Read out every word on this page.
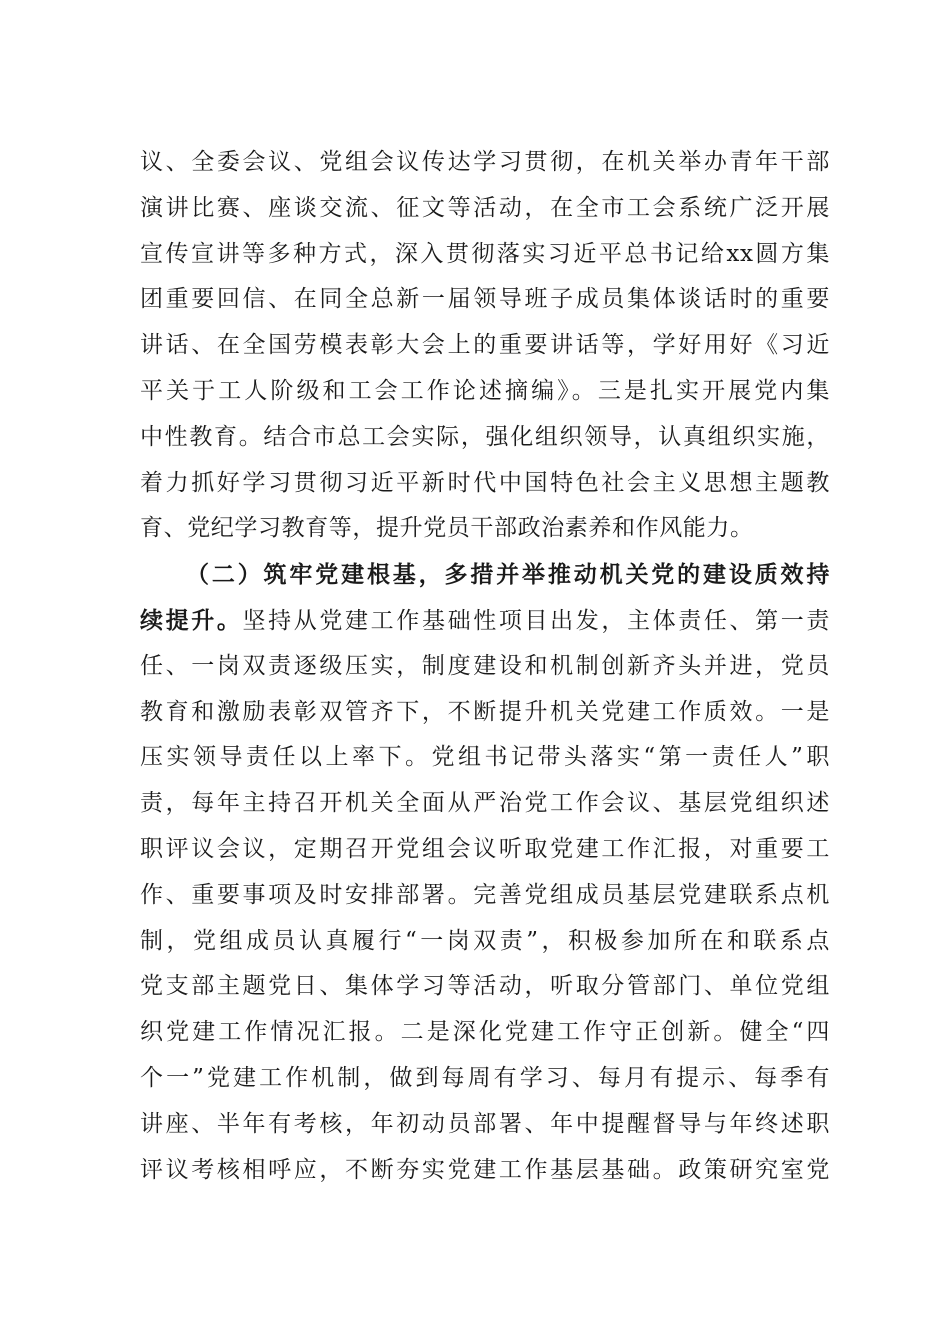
议、全委会议、党组会议传达学习贯彻，在机关举办青年干部
演讲比赛、座谈交流、征文等活动，在全市工会系统广泛开展
宣传宣讲等多种方式，深入贯彻落实习近平总书记给xx圆方集
团重要回信、在同全总新一届领导班子成员集体谈话时的重要
讲话、在全国劳模表彰大会上的重要讲话等，学好用好《习近
平关于工人阶级和工会工作论述摘编》。三是扎实开展党内集
中性教育。结合市总工会实际，强化组织领导，认真组织实施，
着力抓好学习贯彻习近平新时代中国特色社会主义思想主题教
育、党纪学习教育等，提升党员干部政治素养和作风能力。
（二）筑牢党建根基，多措并举推动机关党的建设质效持
续提升。坚持从党建工作基础性项目出发，主体责任、第一责
任、一岗双责逐级压实，制度建设和机制创新齐头并进，党员
教育和激励表彰双管齐下，不断提升机关党建工作质效。一是
压实领导责任以上率下。党组书记带头落实“第一责任人”职
责，每年主持召开机关全面从严治党工作会议、基层党组织述
职评议会议，定期召开党组会议听取党建工作汇报，对重要工
作、重要事项及时安排部署。完善党组成员基层党建联系点机
制，党组成员认真履行“一岗双责”，积极参加所在和联系点
党支部主题党日、集体学习等活动，听取分管部门、单位党组
织党建工作情况汇报。二是深化党建工作守正创新。健全“四
个一”党建工作机制，做到每周有学习、每月有提示、每季有
讲座、半年有考核，年初动员部署、年中提醒督导与年终述职
评议考核相呼应，不断夯实党建工作基层基础。政策研究室党
